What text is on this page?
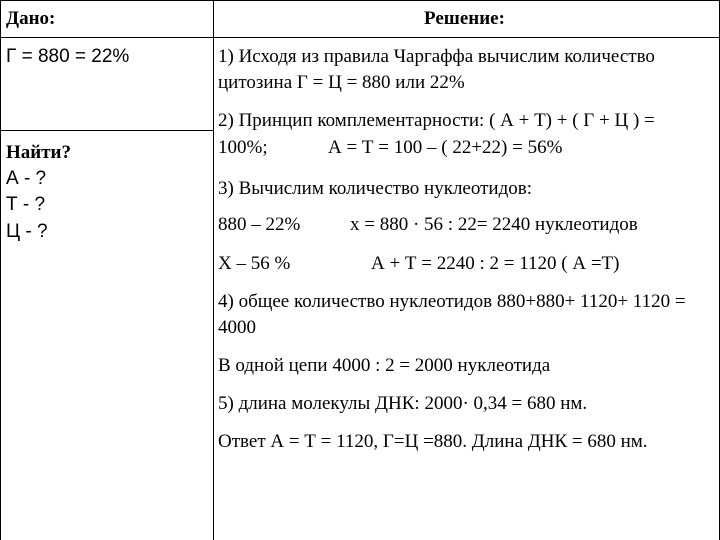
Дано:	Решение:
Г = 880 = 22%
Найти?
А - ?
Т - ?
Ц - ?
1) Исходя из правила Чаргаффа вычислим количество
цитозина Г = Ц = 880 или 22%
2) Принцип комплементарности: ( А + Т) + ( Г + Ц ) =
100%;	А = Т = 100 – ( 22+22) = 56%
3) Вычислим количество нуклеотидов:
880 – 22%	х = 880 · 56 : 22= 2240 нуклеотидов
Х – 56 %	А + Т = 2240 : 2 = 1120 ( А =Т)
4) общее количество нуклеотидов 880+880+ 1120+ 1120 =
4000
В одной цепи 4000 : 2 = 2000 нуклеотида
5) длина молекулы ДНК: 2000· 0,34 = 680 нм.
Ответ А = Т = 1120, Г=Ц =880. Длина ДНК = 680 нм.
